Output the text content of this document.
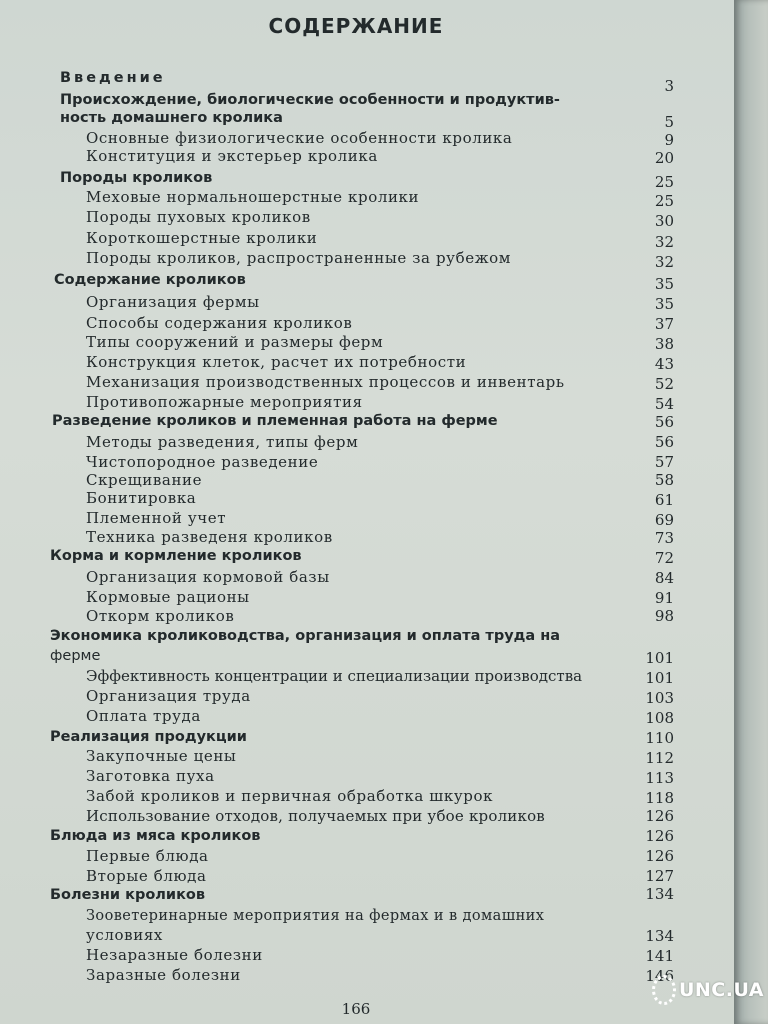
СОДЕРЖАНИЕ
Введение	3
Происхождение, биологические особенности и продуктив-
ность домашнего кролика	5
Основные физиологические особенности кролика	9
Конституция и экстерьер кролика	20
Породы кроликов	25
Меховые нормальношерстные кролики	25
Породы пуховых кроликов	30
Короткошерстные кролики	32
Породы кроликов, распространенные за рубежом	32
Содержание кроликов	35
Организация фермы	35
Способы содержания кроликов	37
Типы сооружений и размеры ферм	38
Конструкция клеток, расчет их потребности	43
Механизация производственных процессов и инвентарь	52
Противопожарные мероприятия	54
Разведение кроликов и племенная работа на ферме	56
Методы разведения, типы ферм	56
Чистопородное разведение	57
Скрещивание	58
Бонитировка	61
Племенной учет	69
Техника разведеня кроликов	73
Корма и кормление кроликов	72
Организация кормовой базы	84
Кормовые рационы	91
Откорм кроликов	98
Экономика кролиководства, организация и оплата труда на
ферме	101
Эффективность концентрации и специализации производства	101
Организация труда	103
Оплата труда	108
Реализация продукции	110
Закупочные цены	112
Заготовка пуха	113
Забой кроликов и первичная обработка шкурок	118
Использование отходов, получаемых при убое кроликов	126
Блюда из мяса кроликов	126
Первые блюда	126
Вторые блюда	127
Болезни кроликов	134
Зооветеринарные мероприятия на фермах и в домашних
условиях	134
Незаразные болезни	141
Заразные болезни	146
166
UNC.UA
